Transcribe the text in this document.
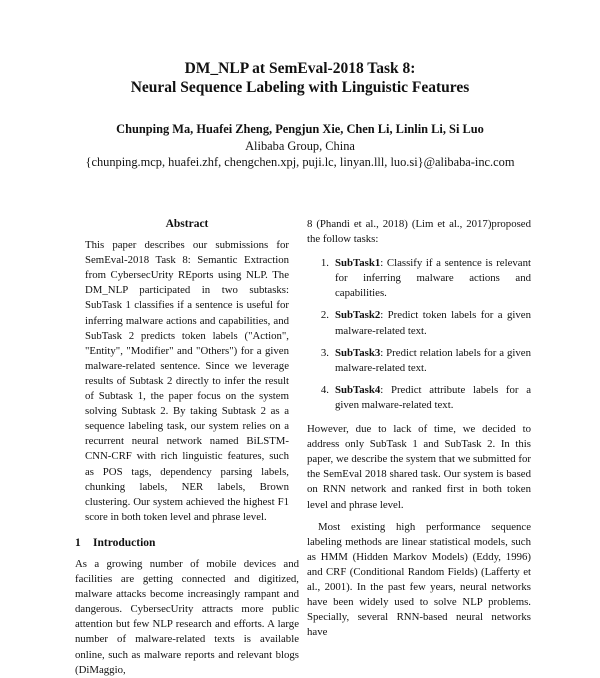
DM_NLP at SemEval-2018 Task 8:
Neural Sequence Labeling with Linguistic Features
Chunping Ma, Huafei Zheng, Pengjun Xie, Chen Li, Linlin Li, Si Luo
Alibaba Group, China
{chunping.mcp, huafei.zhf, chengchen.xpj, puji.lc, linyan.lll, luo.si}@alibaba-inc.com
Abstract

This paper describes our submissions for SemEval-2018 Task 8: Semantic Extraction from CybersecUrity REports using NLP. The DM_NLP participated in two subtasks: SubTask 1 classifies if a sentence is useful for inferring malware actions and capabilities, and SubTask 2 predicts token labels ("Action", "Entity", "Modifier" and "Others") for a given malware-related sentence. Since we leverage results of Subtask 2 directly to infer the result of Subtask 1, the paper focus on the system solving Subtask 2. By taking Subtask 2 as a sequence labeling task, our system relies on a recurrent neural network named BiLSTM-CNN-CRF with rich linguistic features, such as POS tags, dependency parsing labels, chunking labels, NER labels, Brown clustering. Our system achieved the highest F1 score in both token level and phrase level.

1 Introduction

As a growing number of mobile devices and facilities are getting connected and digitized, malware attacks become increasingly rampant and dangerous. CybersecUrity attracts more public attention but few NLP research and efforts. A large number of malware-related texts is available online, such as malware reports and relevant blogs (DiMaggio,

8 (Phandi et al., 2018) (Lim et al., 2017)proposed the follow tasks:

1. SubTask1: Classify if a sentence is relevant for inferring malware actions and capabilities.
2. SubTask2: Predict token labels for a given malware-related text.
3. SubTask3: Predict relation labels for a given malware-related text.
4. SubTask4: Predict attribute labels for a given malware-related text.

However, due to lack of time, we decided to address only SubTask 1 and SubTask 2. In this paper, we describe the system that we submitted for the SemEval 2018 shared task. Our system is based on RNN network and ranked first in both token level and phrase level.

Most existing high performance sequence labeling methods are linear statistical models, such as HMM (Hidden Markov Models) (Eddy, 1996) and CRF (Conditional Random Fields) (Lafferty et al., 2001). In the past few years, neural networks have been widely used to solve NLP problems. Specially, several RNN-based neural networks have
